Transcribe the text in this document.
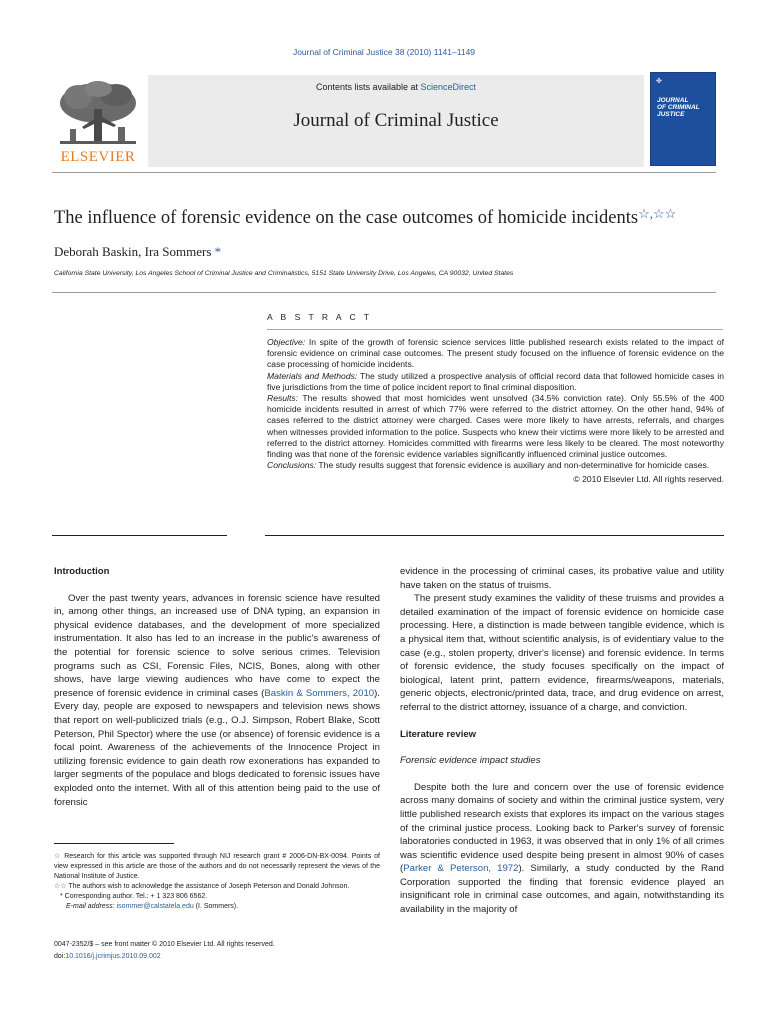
Journal of Criminal Justice 38 (2010) 1141–1149
ELSEVIER
Contents lists available at ScienceDirect
Journal of Criminal Justice
✤
JOURNAL
OF CRIMINAL
JUSTICE
The influence of forensic evidence on the case outcomes of homicide incidents☆,☆☆
Deborah Baskin, Ira Sommers *
California State University, Los Angeles School of Criminal Justice and Criminalistics, 5151 State University Drive, Los Angeles, CA 90032, United States
A B S T R A C T

Objective: In spite of the growth of forensic science services little published research exists related to the impact of forensic evidence on criminal case outcomes. The present study focused on the influence of forensic evidence on the case processing of homicide incidents.

Materials and Methods: The study utilized a prospective analysis of official record data that followed homicide cases in five jurisdictions from the time of police incident report to final criminal disposition.

Results: The results showed that most homicides went unsolved (34.5% conviction rate). Only 55.5% of the 400 homicide incidents resulted in arrest of which 77% were referred to the district attorney. On the other hand, 94% of cases referred to the district attorney were charged. Cases were more likely to have arrests, referrals, and charges when witnesses provided information to the police. Suspects who knew their victims were more likely to be arrested and referred to the district attorney. Homicides committed with firearms were less likely to be cleared. The most noteworthy finding was that none of the forensic evidence variables significantly influenced criminal justice outcomes.

Conclusions: The study results suggest that forensic evidence is auxiliary and non-determinative for homicide cases.

© 2010 Elsevier Ltd. All rights reserved.

Introduction

Over the past twenty years, advances in forensic science have resulted in, among other things, an increased use of DNA typing, an expansion in physical evidence databases, and the development of more specialized instrumentation. It also has led to an increase in the public's awareness of the potential for forensic science to solve serious crimes. Television programs such as CSI, Forensic Files, NCIS, Bones, along with other shows, have large viewing audiences who have come to expect the presence of forensic evidence in criminal cases (Baskin & Sommers, 2010). Every day, people are exposed to newspapers and television news shows that report on well-publicized trials (e.g., O.J. Simpson, Robert Blake, Scott Peterson, Phil Spector) where the use (or absence) of forensic evidence is a focal point. Awareness of the achievements of the Innocence Project in utilizing forensic evidence to gain death row exonerations has expanded to larger segments of the populace and blogs dedicated to forensic issues have exploded onto the internet. With all of this attention being paid to the use of forensic

evidence in the processing of criminal cases, its probative value and utility have taken on the status of truisms.

The present study examines the validity of these truisms and provides a detailed examination of the impact of forensic evidence on homicide case processing. Here, a distinction is made between tangible evidence, which is a physical item that, without scientific analysis, is of evidentiary value to the case (e.g., stolen property, driver's license) and forensic evidence. In terms of forensic evidence, the study focuses specifically on the impact of biological, latent print, pattern evidence, firearms/weapons, materials, generic objects, electronic/printed data, trace, and drug evidence on arrest, referral to the district attorney, issuance of a charge, and conviction.

Literature review

Forensic evidence impact studies

Despite both the lure and concern over the use of forensic evidence across many domains of society and within the criminal justice system, very little published research exists that explores its impact on the various stages of the criminal justice process. Looking back to Parker's survey of forensic laboratories conducted in 1963, it was observed that in only 1% of all crimes was scientific evidence used despite being present in almost 90% of cases (Parker & Peterson, 1972). Similarly, a study conducted by the Rand Corporation supported the finding that forensic evidence played an insignificant role in criminal case outcomes, and again, notwithstanding its availability in the majority of

☆ Research for this article was supported through NIJ research grant # 2006-DN-BX-0094. Points of view expressed in this article are those of the authors and do not necessarily represent the views of the National Institute of Justice.

☆☆ The authors wish to acknowledge the assistance of Joseph Peterson and Donald Johnson.

* Corresponding author. Tel.: + 1 323 806 6562.

E-mail address: isommer@calstatela.edu (I. Sommers).

0047-2352/$ – see front matter © 2010 Elsevier Ltd. All rights reserved.
doi:10.1016/j.jcrimjus.2010.09.002
